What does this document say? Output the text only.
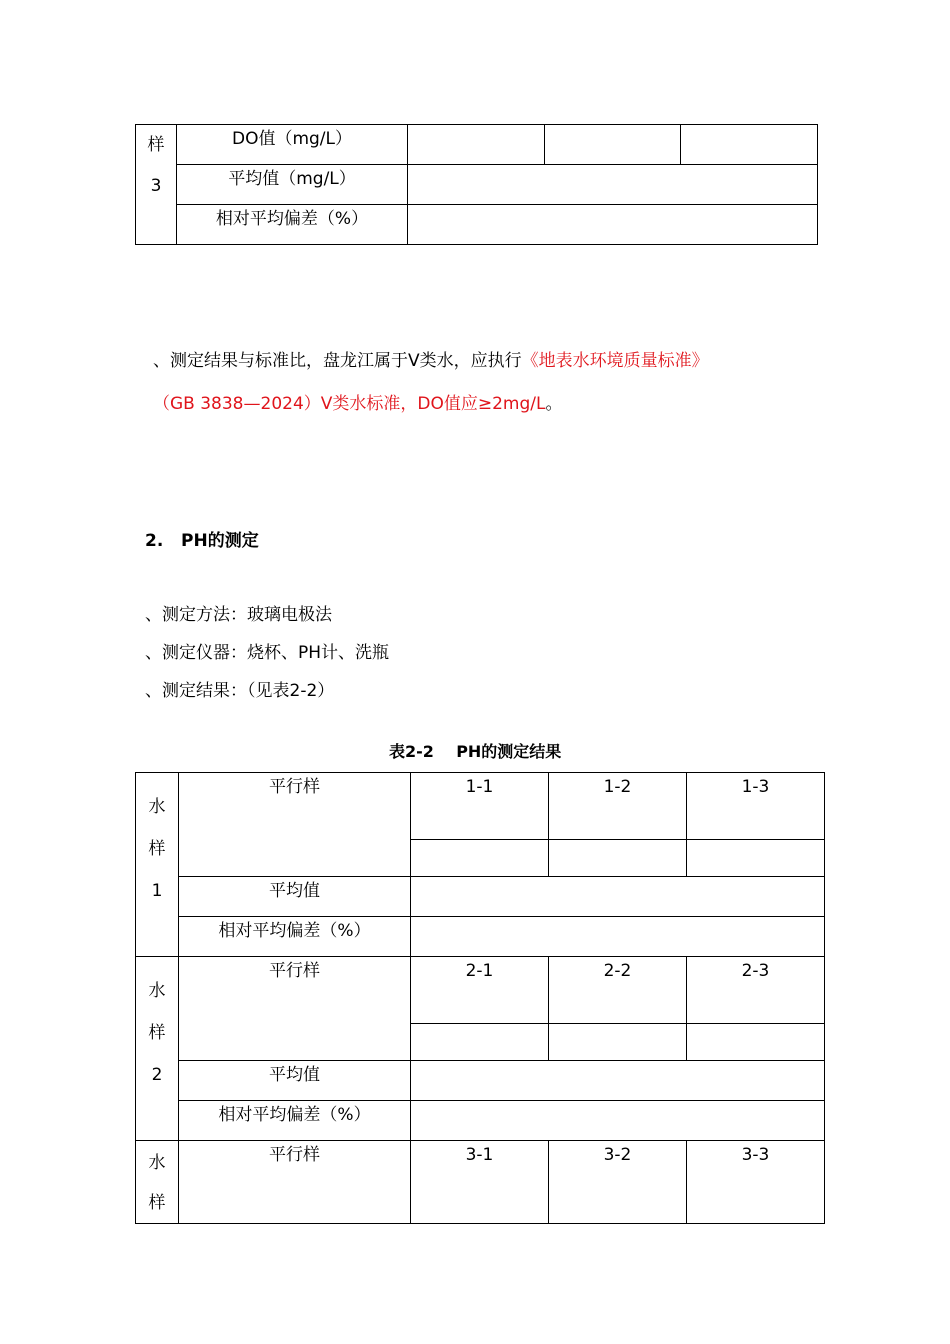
样
3	DO值（mg/L）			
	平均值（mg/L）			
	相对平均偏差（%）			
、测定结果与标准比，盘龙江属于Ⅴ类水，应执行《地表水环境质量标准》
（GB 3838—2024）Ⅴ类水标准，DO值应≥2mg/L。
2.   PH的测定
、测定方法：玻璃电极法
、测定仪器：烧杯、PH计、洗瓶
、测定结果：（见表2-2）
表2-2    PH的测定结果
水
样
1	平行样	1-1	1-2	1-3

	平均值			
	相对平均偏差（%）			

水
样
2	平行样	2-1	2-2	2-3

	平均值			
	相对平均偏差（%）			

水
样	平行样	3-1	3-2	3-3
